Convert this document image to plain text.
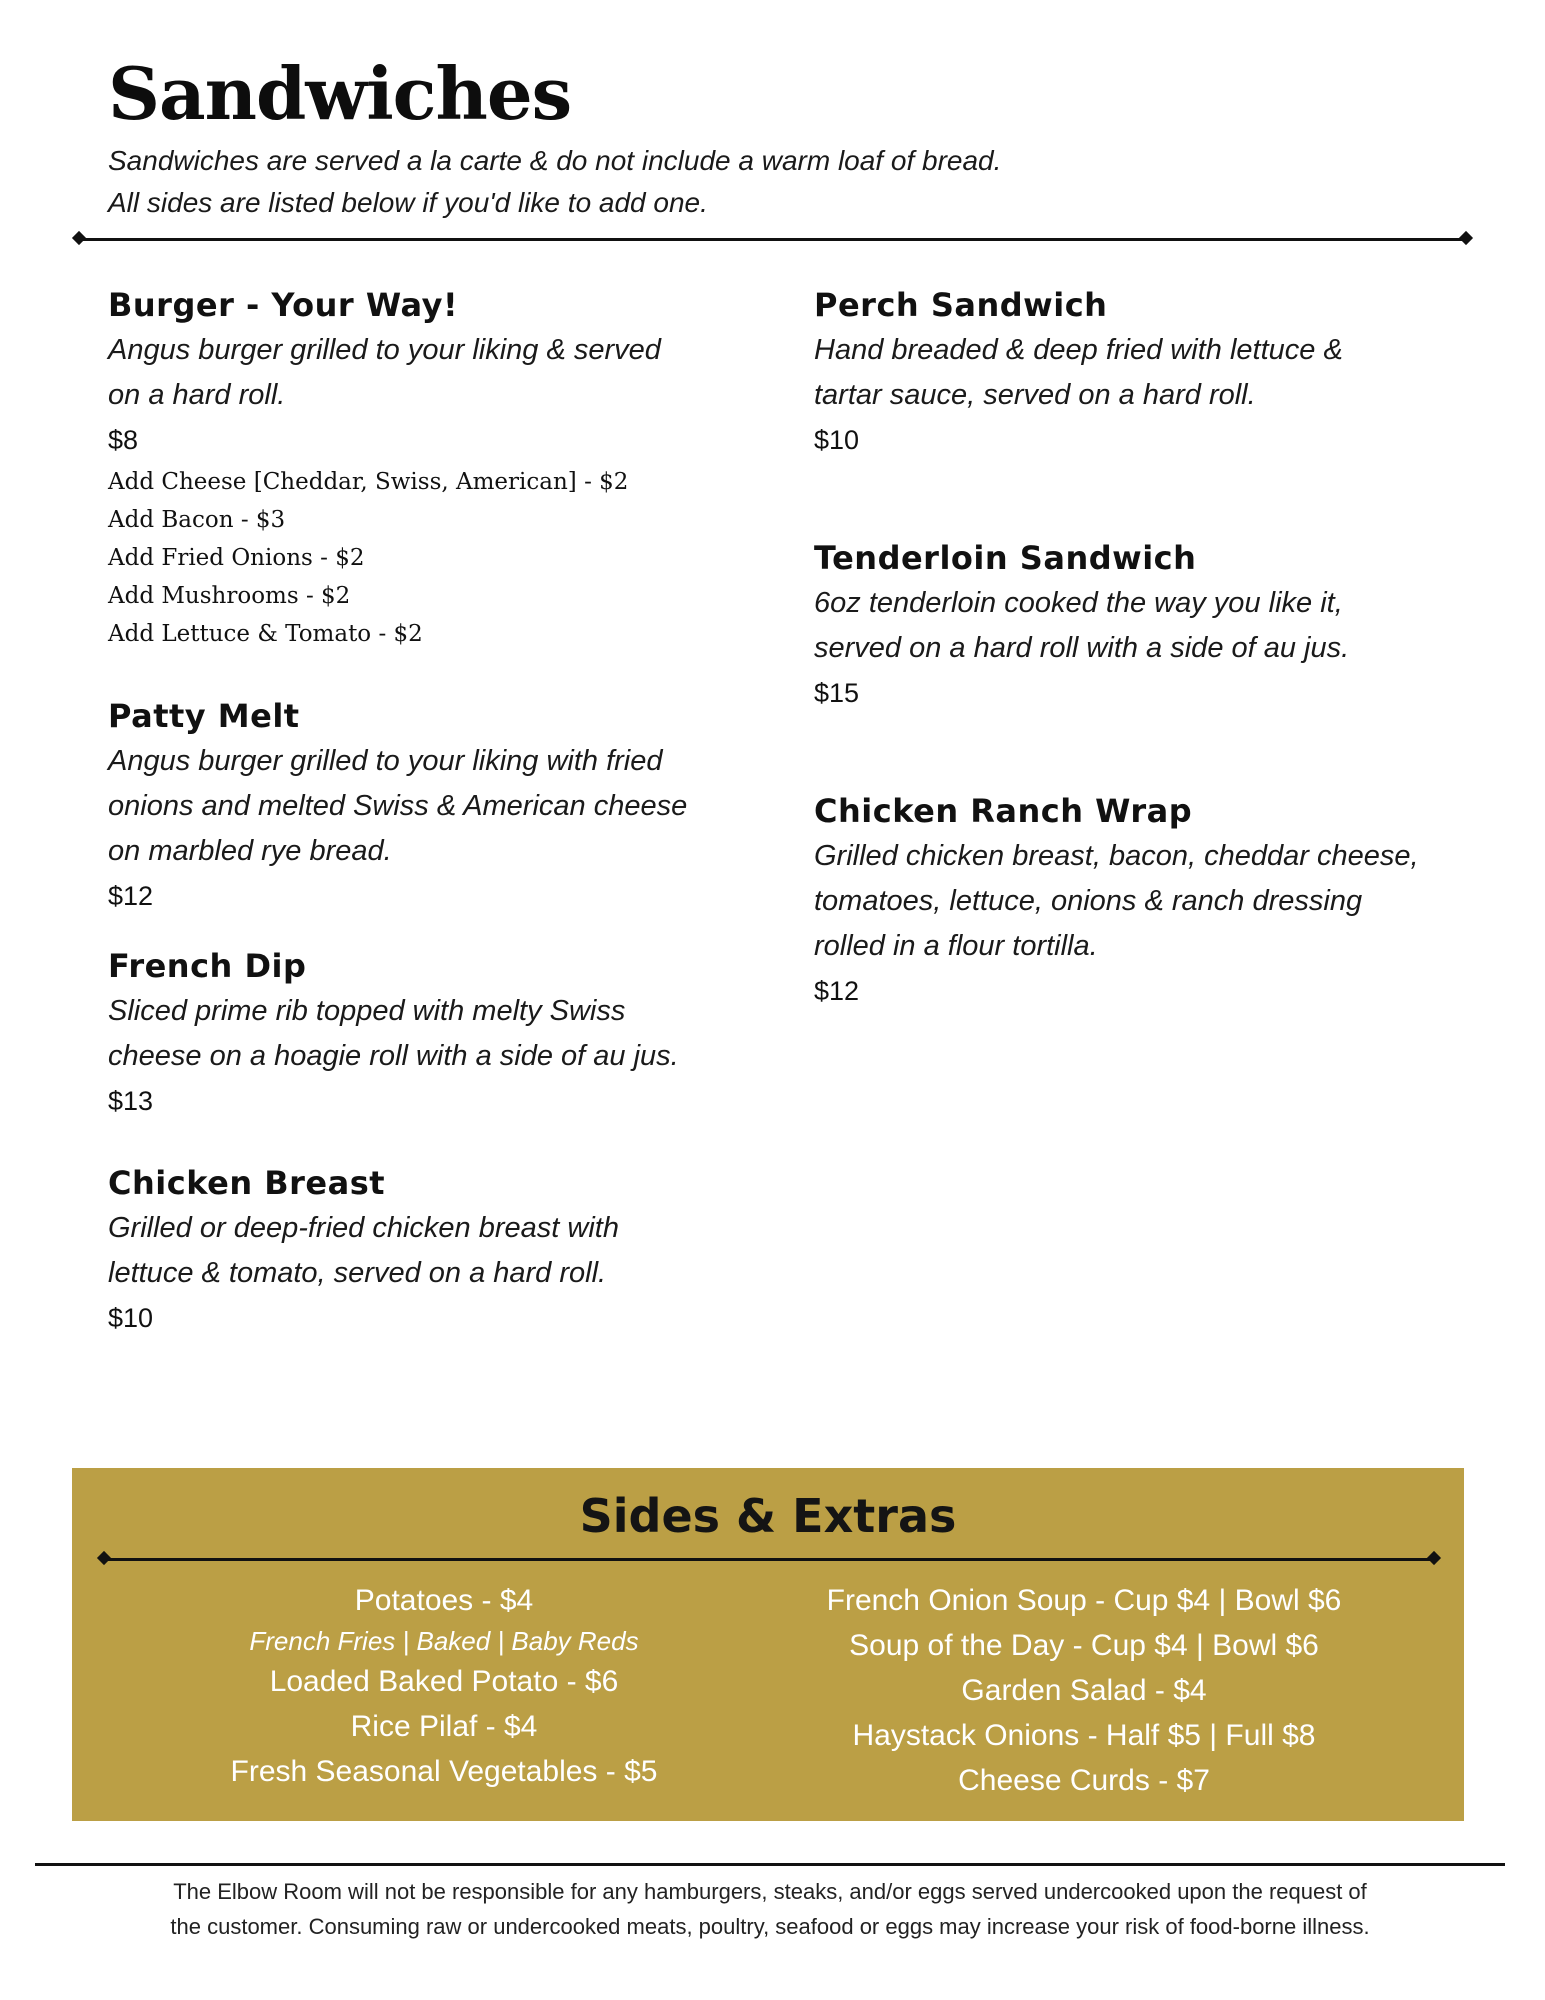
Sandwiches
Sandwiches are served a la carte & do not include a warm loaf of bread.
All sides are listed below if you'd like to add one.
Burger - Your Way!
Angus burger grilled to your liking & served
on a hard roll.
$8
Add Cheese [Cheddar, Swiss, American] - $2
Add Bacon - $3
Add Fried Onions - $2
Add Mushrooms - $2
Add Lettuce & Tomato - $2
Patty Melt
Angus burger grilled to your liking with fried
onions and melted Swiss & American cheese
on marbled rye bread.
$12
French Dip
Sliced prime rib topped with melty Swiss
cheese on a hoagie roll with a side of au jus.
$13
Chicken Breast
Grilled or deep-fried chicken breast with
lettuce & tomato, served on a hard roll.
$10
Perch Sandwich
Hand breaded & deep fried with lettuce &
tartar sauce, served on a hard roll.
$10
Tenderloin Sandwich
6oz tenderloin cooked the way you like it,
served on a hard roll with a side of au jus.
$15
Chicken Ranch Wrap
Grilled chicken breast, bacon, cheddar cheese,
tomatoes, lettuce, onions & ranch dressing
rolled in a flour tortilla.
$12
Sides & Extras
Potatoes - $4
French Fries | Baked | Baby Reds
Loaded Baked Potato - $6
Rice Pilaf - $4
Fresh Seasonal Vegetables - $5
French Onion Soup - Cup $4 | Bowl $6
Soup of the Day - Cup $4 | Bowl $6
Garden Salad - $4
Haystack Onions - Half $5 | Full $8
Cheese Curds - $7
The Elbow Room will not be responsible for any hamburgers, steaks, and/or eggs served undercooked upon the request of
the customer. Consuming raw or undercooked meats, poultry, seafood or eggs may increase your risk of food-borne illness.
